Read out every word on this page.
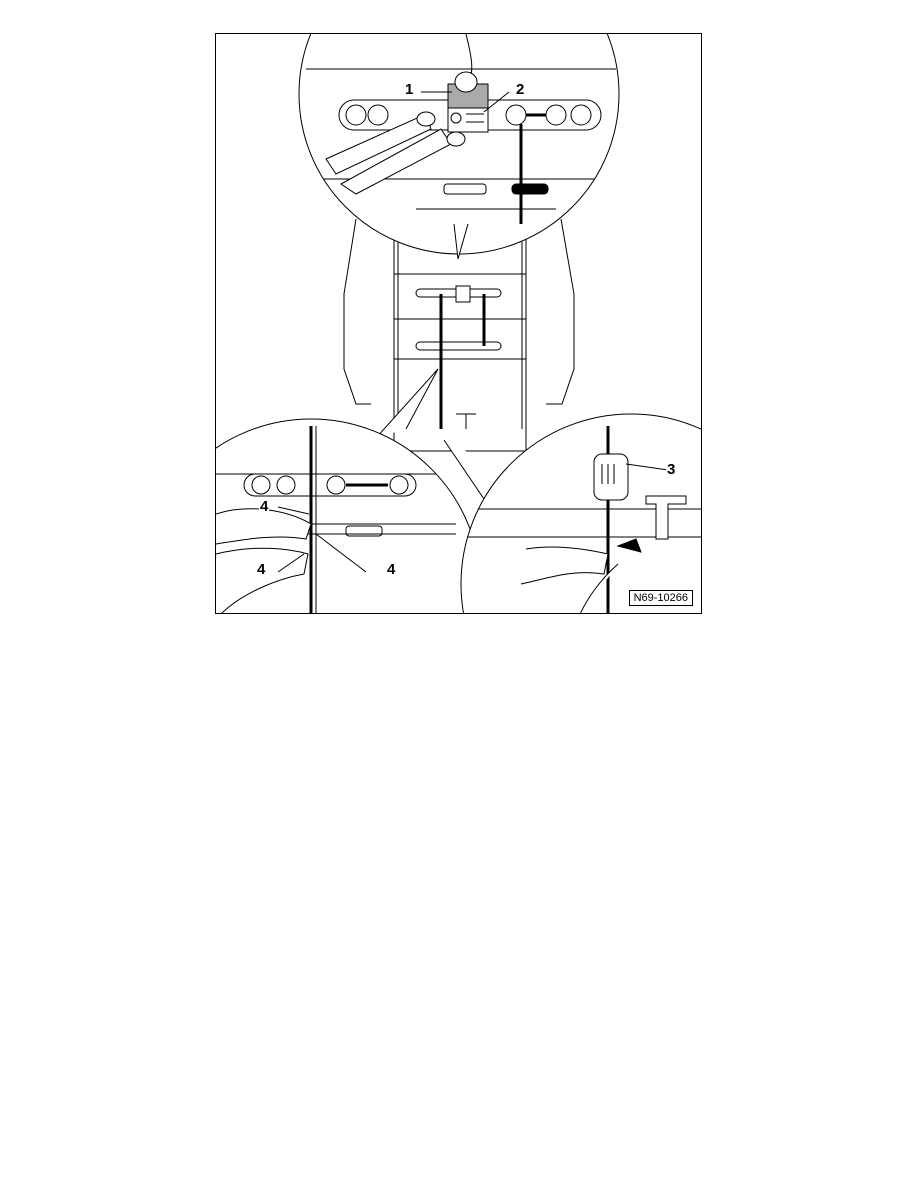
1	2
3
4
4	4
N69-10266
